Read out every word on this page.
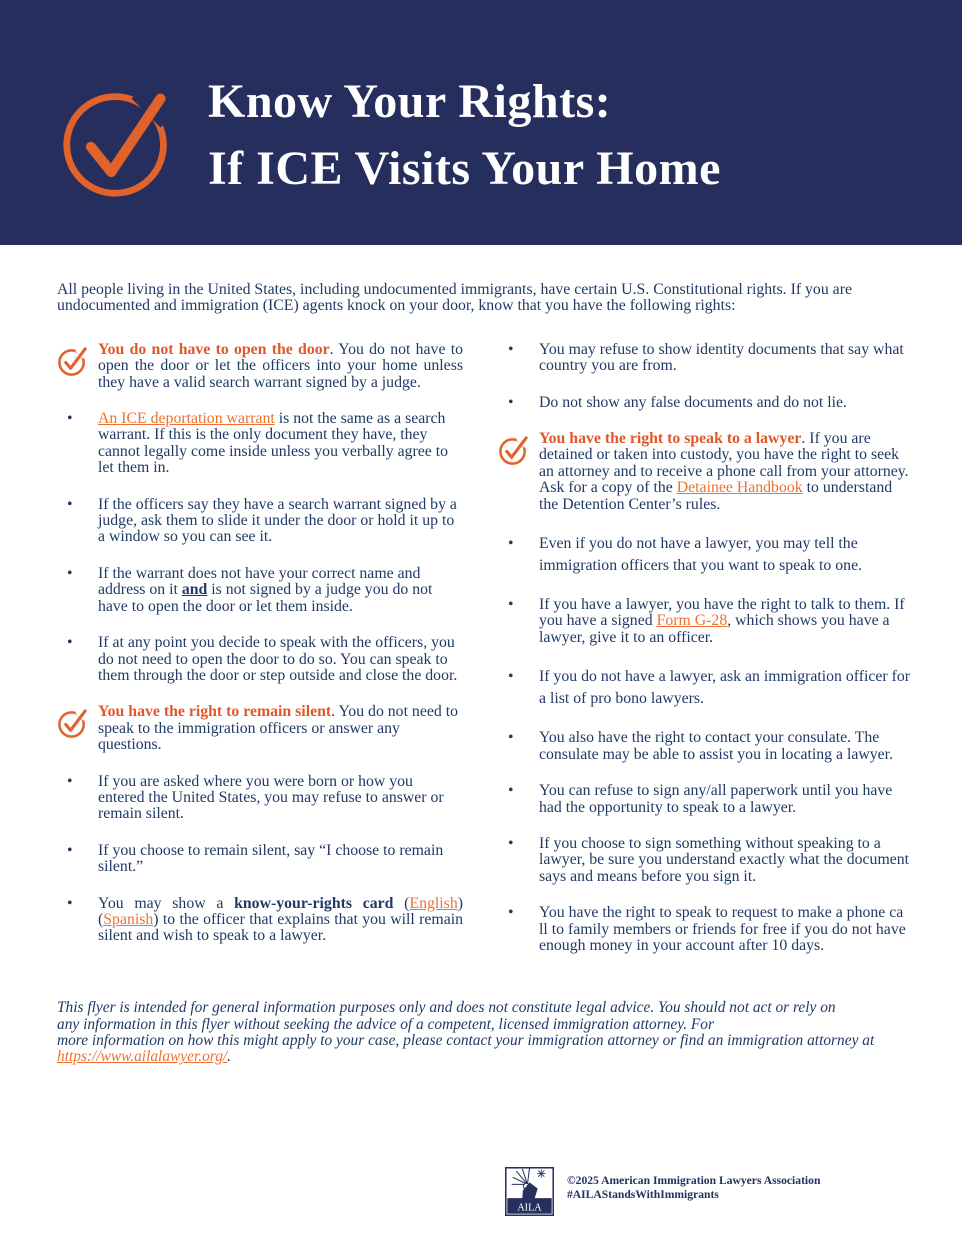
Know Your Rights:
If ICE Visits Your Home
All people living in the United States, including undocumented immigrants, have certain U.S. Constitutional rights. If you are undocumented and immigration (ICE) agents knock on your door, know that you have the following rights:
You do not have to open the door. You do not have to open the door or let the officers into your home unless they have a valid search warrant signed by a judge.
• An ICE deportation warrant is not the same as a search warrant. If this is the only document they have, they cannot legally come inside unless you verbally agree to let them in.
• If the officers say they have a search warrant signed by a judge, ask them to slide it under the door or hold it up to a window so you can see it.
• If the warrant does not have your correct name and address on it and is not signed by a judge you do not have to open the door or let them inside.
• If at any point you decide to speak with the officers, you do not need to open the door to do so. You can speak to them through the door or step outside and close the door.
You have the right to remain silent. You do not need to speak to the immigration officers or answer any questions.
• If you are asked where you were born or how you entered the United States, you may refuse to answer or remain silent.
• If you choose to remain silent, say “I choose to remain silent.”
• You may show a know-your-rights card (English) (Spanish) to the officer that explains that you will remain silent and wish to speak to a lawyer.
• You may refuse to show identity documents that say what country you are from.
• Do not show any false documents and do not lie.
You have the right to speak to a lawyer. If you are detained or taken into custody, you have the right to seek an attorney and to receive a phone call from your attorney. Ask for a copy of the Detainee Handbook to understand the Detention Center’s rules.
• Even if you do not have a lawyer, you may tell the immigration officers that you want to speak to one.
• If you have a lawyer, you have the right to talk to them. If you have a signed Form G-28, which shows you have a lawyer, give it to an officer.
• If you do not have a lawyer, ask an immigration officer for a list of pro bono lawyers.
• You also have the right to contact your consulate. The consulate may be able to assist you in locating a lawyer.
• You can refuse to sign any/all paperwork until you have had the opportunity to speak to a lawyer.
• If you choose to sign something without speaking to a lawyer, be sure you understand exactly what the document says and means before you sign it.
• You have the right to speak to request to make a phone ca
ll to family members or friends for free if you do not have
enough money in your account after 10 days.
This flyer is intended for general information purposes only and does not constitute legal advice. You should not act or rely on
any information in this flyer without seeking the advice of a competent, licensed immigration attorney. For
more information on how this might apply to your case, please contact your immigration attorney or find an immigration attorney at
https://www.ailalawyer.org/.
AILA
©2025 American Immigration Lawyers Association
#AILAStandsWithImmigrants
